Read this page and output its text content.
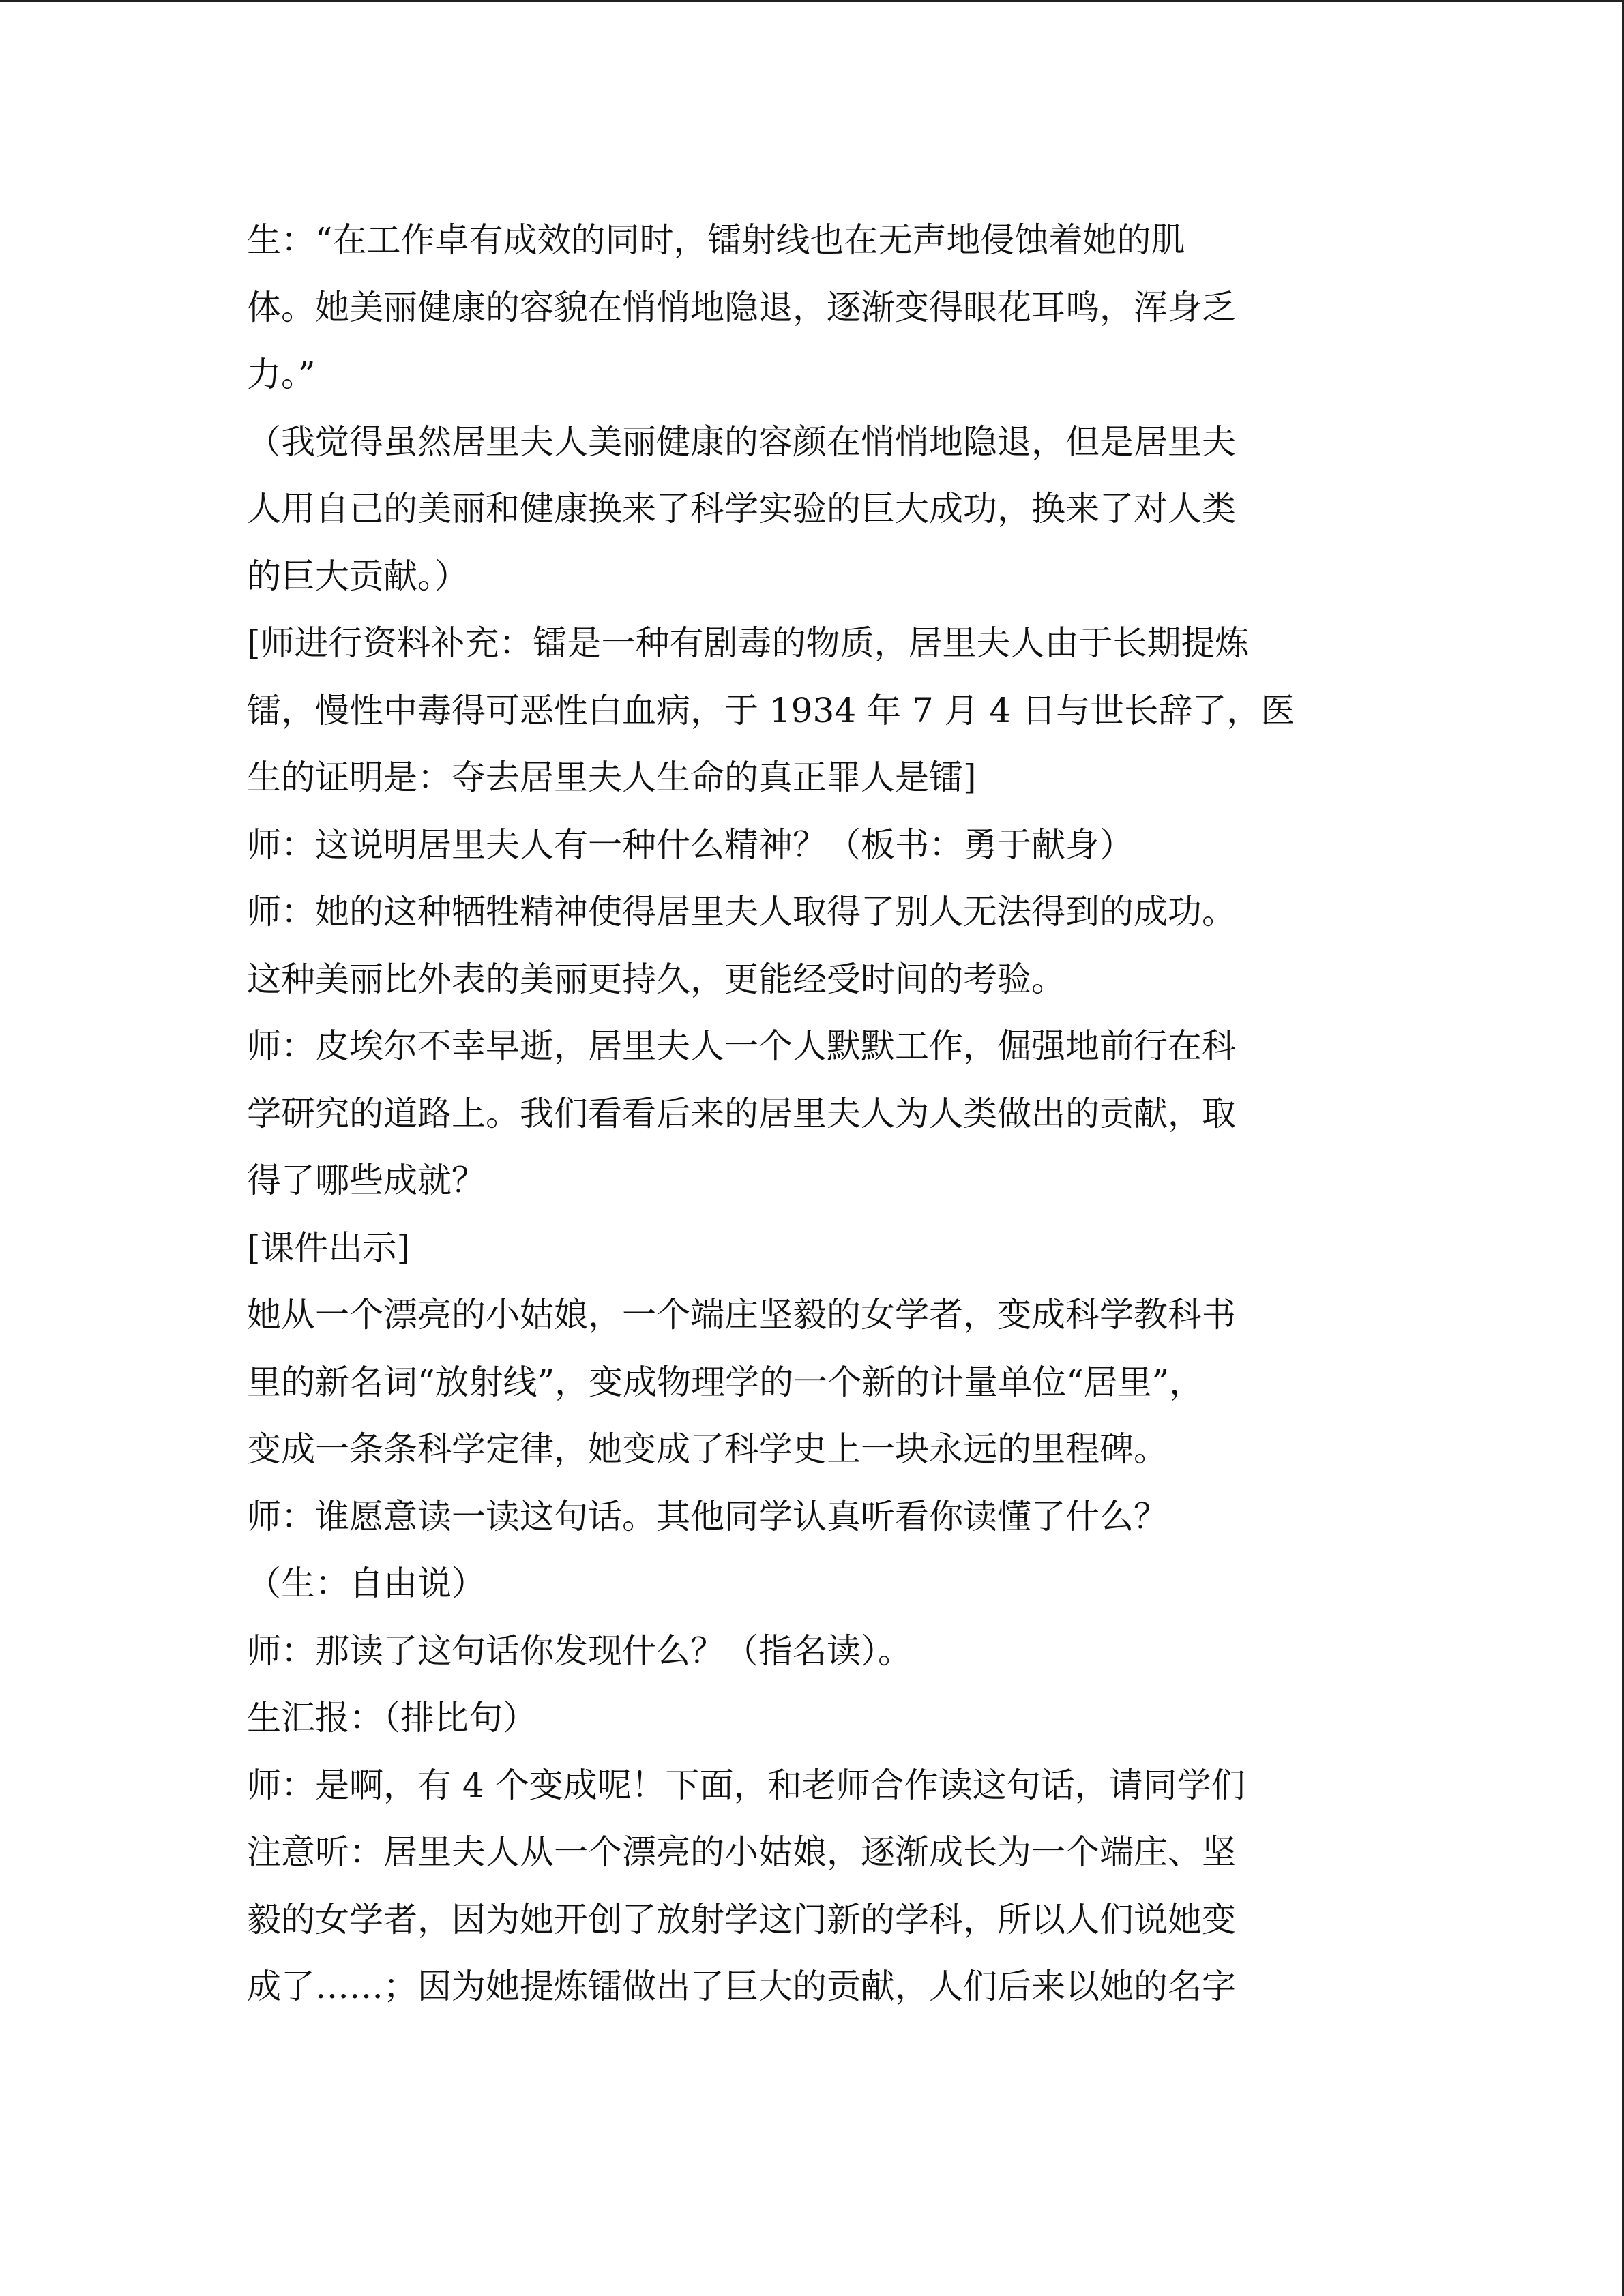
生：“在工作卓有成效的同时，镭射线也在无声地侵蚀着她的肌
体。她美丽健康的容貌在悄悄地隐退，逐渐变得眼花耳鸣，浑身乏
力。”
（我觉得虽然居里夫人美丽健康的容颜在悄悄地隐退，但是居里夫
人用自己的美丽和健康换来了科学实验的巨大成功，换来了对人类
的巨大贡献。）
[师进行资料补充：镭是一种有剧毒的物质，居里夫人由于长期提炼
镭，慢性中毒得可恶性白血病，于 1934 年 7 月 4 日与世长辞了，医
生的证明是：夺去居里夫人生命的真正罪人是镭]
师：这说明居里夫人有一种什么精神？（板书：勇于献身）
师：她的这种牺牲精神使得居里夫人取得了别人无法得到的成功。
这种美丽比外表的美丽更持久，更能经受时间的考验。
师：皮埃尔不幸早逝，居里夫人一个人默默工作，倔强地前行在科
学研究的道路上。我们看看后来的居里夫人为人类做出的贡献，取
得了哪些成就？
[课件出示]
她从一个漂亮的小姑娘，一个端庄坚毅的女学者，变成科学教科书
里的新名词“放射线”，变成物理学的一个新的计量单位“居里”，
变成一条条科学定律，她变成了科学史上一块永远的里程碑。
师：谁愿意读一读这句话。其他同学认真听看你读懂了什么？
（生：自由说）
师：那读了这句话你发现什么？（指名读）。
生汇报：（排比句）
师：是啊，有 4 个变成呢！下面，和老师合作读这句话，请同学们
注意听：居里夫人从一个漂亮的小姑娘，逐渐成长为一个端庄、坚
毅的女学者，因为她开创了放射学这门新的学科，所以人们说她变
成了……；因为她提炼镭做出了巨大的贡献，人们后来以她的名字
